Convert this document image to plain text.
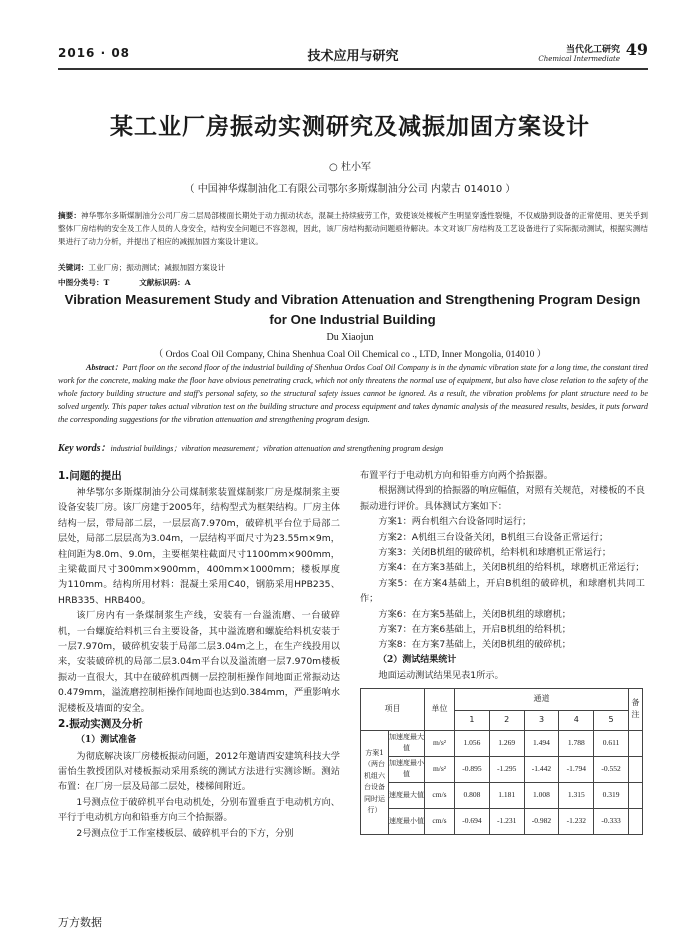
2016 · 08	技术应用与研究	当代化工研究
Chemical Intermediate 49
某工业厂房振动实测研究及减振加固方案设计
○ 杜小军
（ 中国神华煤制油化工有限公司鄂尔多斯煤制油分公司 内蒙古 014010 ）
摘要：神华鄂尔多斯煤制油分公司厂房二层局部楼面长期处于动力振动状态，混凝土持续疲劳工作，致使该处楼板产生明显穿透性裂缝，不仅威胁到设备的正常使用、更关乎到整体厂房结构的安全及工作人员的人身安全，结构安全问题已不容忽视，因此，该厂房结构振动问题亟待解决。本文对该厂房结构及工艺设备进行了实际振动测试，根据实测结果进行了动力分析，并提出了相应的减振加固方案设计建议。
关键词：工业厂房；振动测试；减振加固方案设计
中图分类号：T	文献标识码：A
Vibration Measurement Study and Vibration Attenuation and Strengthening Program Design for One Industrial Building
Du Xiaojun
（ Ordos Coal Oil Company, China Shenhua Coal Oil Chemical co ., LTD, Inner Mongolia, 014010 ）
Abstract：Part floor on the second floor of the industrial building of Shenhua Ordos Coal Oil Company is in the dynamic vibration state for a long time, the constant tired work for the concrete, making make the floor have obvious penetrating crack, which not only threatens the normal use of equipment, but also have close relation to the safety of the whole factory building structure and staff's personal safety, so the structural safety issues cannot be ignored. As a result, the vibration problems for plant structure need to be solved urgently. This paper takes actual vibration test on the building structure and process equipment and takes dynamic analysis of the measured results, besides, it puts forward the corresponding suggestions for the vibration attenuation and strengthening program design.
Key words：industrial buildings；vibration measurement；vibration attenuation and strengthening program design
1.问题的提出

神华鄂尔多斯煤制油分公司煤制浆装置煤制浆厂房是煤制浆主要设备安装厂房。该厂房建于2005年，结构型式为框架结构。厂房主体结构一层，带局部二层，一层层高7.970m，破碎机平台位于局部二层处，局部二层层高为3.04m，一层结构平面尺寸为23.55m×9m，柱间距为8.0m、9.0m，主要框架柱截面尺寸1100mm×900mm，主梁截面尺寸300mm×900mm，400mm×1000mm；楼板厚度为110mm。结构所用材料：混凝土采用C40，钢筋采用HPB235、HRB335、HRB400。

该厂房内有一条煤制浆生产线，安装有一台溢流磨、一台破碎机，一台螺旋给料机三台主要设备，其中溢流磨和螺旋给料机安装于一层7.970m，破碎机安装于局部二层3.04m之上，在生产线投用以来，安装破碎机的局部二层3.04m平台以及溢流磨一层7.970m楼板振动一直很大，其中在破碎机西侧一层控制柜操作间地面正常振动达0.479mm，溢流磨控制柜操作间地面也达到0.384mm，严重影响水泥楼板及墙面的安全。

2.振动实测及分析
（1）测试准备

为彻底解决该厂房楼板振动问题，2012年邀请西安建筑科技大学雷怡生教授团队对楼板振动采用系统的测试方法进行实测诊断。测站布置：在厂房一层及局部二层处，楼梯间附近。

1号测点位于破碎机平台电动机处，分别布置垂直于电动机方向、平行于电动机方向和铅垂方向三个拾振器。

2号测点位于工作室楼板层、破碎机平台的下方，分别

布置平行于电动机方向和铅垂方向两个拾振器。

根据测试得到的拾振器的响应幅值，对照有关规范，对楼板的不良振动进行评价。具体测试方案如下：

方案1：两台机组六台设备同时运行；

方案2：A机组三台设备关闭，B机组三台设备正常运行；

方案3：关闭B机组的破碎机，给料机和球磨机正常运行；

方案4：在方案3基础上，关闭B机组的给料机，球磨机正常运行；

方案5：在方案4基础上，开启B机组的破碎机，和球磨机共同工作；

方案6：在方案5基础上，关闭B机组的球磨机；

方案7：在方案6基础上，开启B机组的给料机；

方案8：在方案7基础上，关闭B机组的破碎机；

（2）测试结果统计

地面运动测试结果见表1所示。

项目		单位	通道					备注
			1	2	3	4	5	
方案1（两台机组六台设备同时运行）	加速度最大值	m/s²	1.056	1.269	1.494	1.788	0.611	
	加速度最小值	m/s²	-0.895	-1.295	-1.442	-1.794	-0.552	
	速度最大值	cm/s	0.808	1.181	1.008	1.315	0.319	
	速度最小值	cm/s	-0.694	-1.231	-0.982	-1.232	-0.333	
万方数据
